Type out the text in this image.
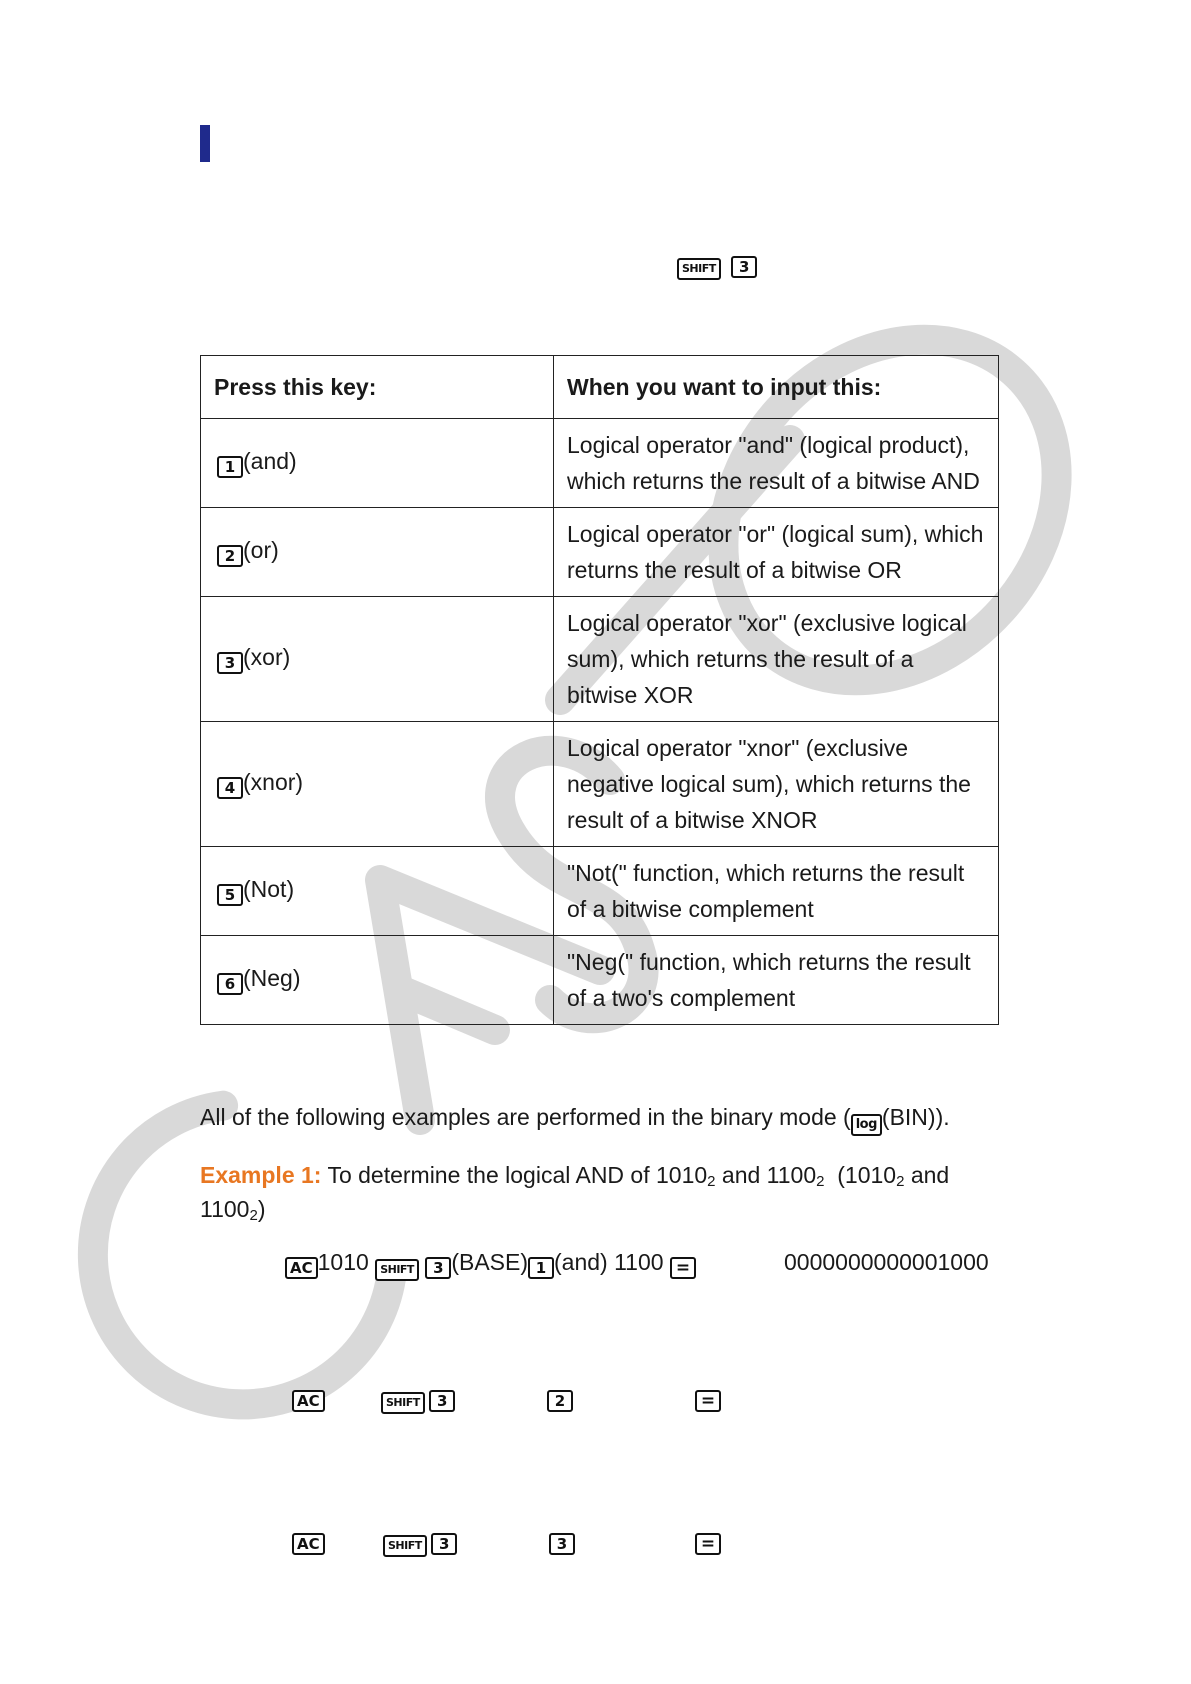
SHIFT 3
Press this key:	When you want to input this:
1 (and)	Logical operator "and" (logical product), which returns the result of a bitwise AND
2 (or)	Logical operator "or" (logical sum), which returns the result of a bitwise OR
3 (xor)	Logical operator "xor" (exclusive logical sum), which returns the result of a bitwise XOR
4 (xnor)	Logical operator "xnor" (exclusive negative logical sum), which returns the result of a bitwise XNOR
5 (Not)	"Not(" function, which returns the result of a bitwise complement
6 (Neg)	"Neg(" function, which returns the result of a two's complement
All of the following examples are performed in the binary mode ( log (BIN)).
Example 1: To determine the logical AND of $1010_2$ and $1100_2$  ($1010_2$ and
$1100_2$)
AC 1010 SHIFT 3 (BASE) 1 (and) 1100 =	0000000000001000
AC	SHIFT 3	2	=
AC	SHIFT 3	3	=
